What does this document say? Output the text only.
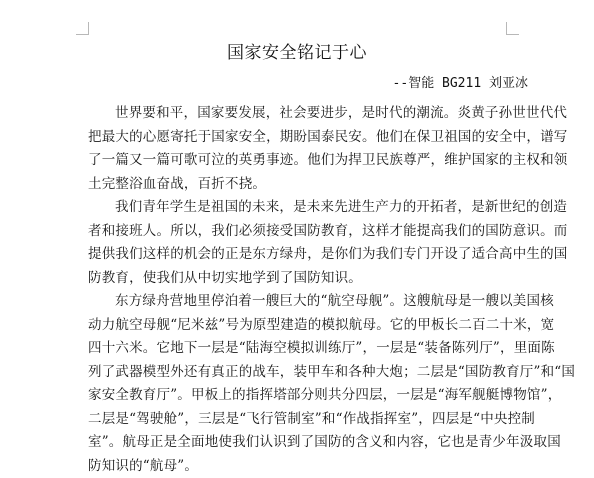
国家安全铭记于心
--智能 BG211 刘亚冰

世界要和平，国家要发展，社会要进步，是时代的潮流。炎黄子孙世世代代
把最大的心愿寄托于国家安全，期盼国泰民安。他们在保卫祖国的安全中，谱写
了一篇又一篇可歌可泣的英勇事迹。他们为捍卫民族尊严，维护国家的主权和领
土完整浴血奋战，百折不挠。

我们青年学生是祖国的未来，是未来先进生产力的开拓者，是新世纪的创造
者和接班人。所以，我们必须接受国防教育，这样才能提高我们的国防意识。而
提供我们这样的机会的正是东方绿舟，是你们为我们专门开设了适合高中生的国
防教育，使我们从中切实地学到了国防知识。

东方绿舟营地里停泊着一艘巨大的“航空母舰”。这艘航母是一艘以美国核
动力航空母舰“尼米兹”号为原型建造的模拟航母。它的甲板长二百二十米，宽
四十六米。它地下一层是“陆海空模拟训练厅”，一层是“装备陈列厅”，里面陈
列了武器模型外还有真正的战车，装甲车和各种大炮；二层是“国防教育厅”和“国
家安全教育厅”。甲板上的指挥塔部分则共分四层，一层是“海军舰艇博物馆”，
二层是“驾驶舱”，三层是“飞行管制室”和“作战指挥室”，四层是“中央控制
室”。航母正是全面地使我们认识到了国防的含义和内容，它也是青少年汲取国
防知识的“航母”。
